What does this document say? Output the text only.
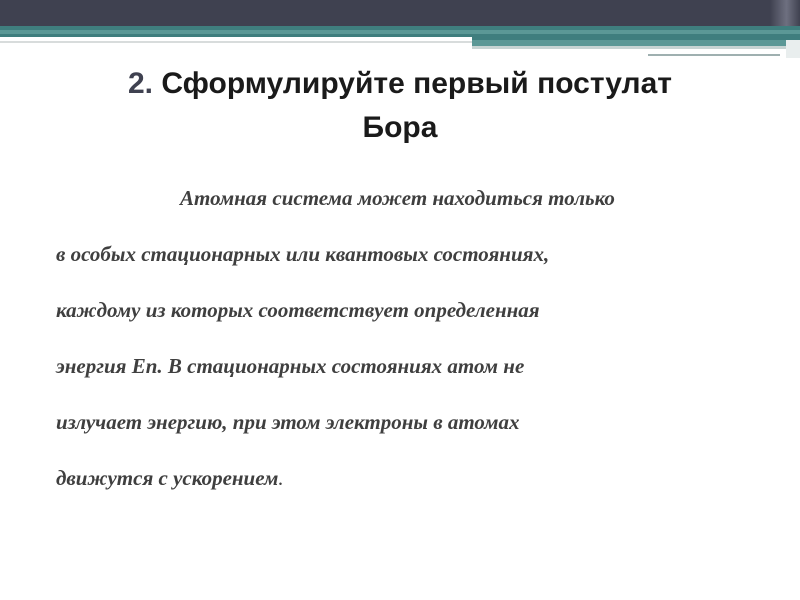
2. Сформулируйте первый постулат
Бора
Атомная система может находиться только
в особых стационарных или квантовых состояниях,
каждому из которых соответствует определенная
энергия Еn. В стационарных состояниях атом не
излучает энергию, при этом электроны в атомах
движутся с ускорением.
